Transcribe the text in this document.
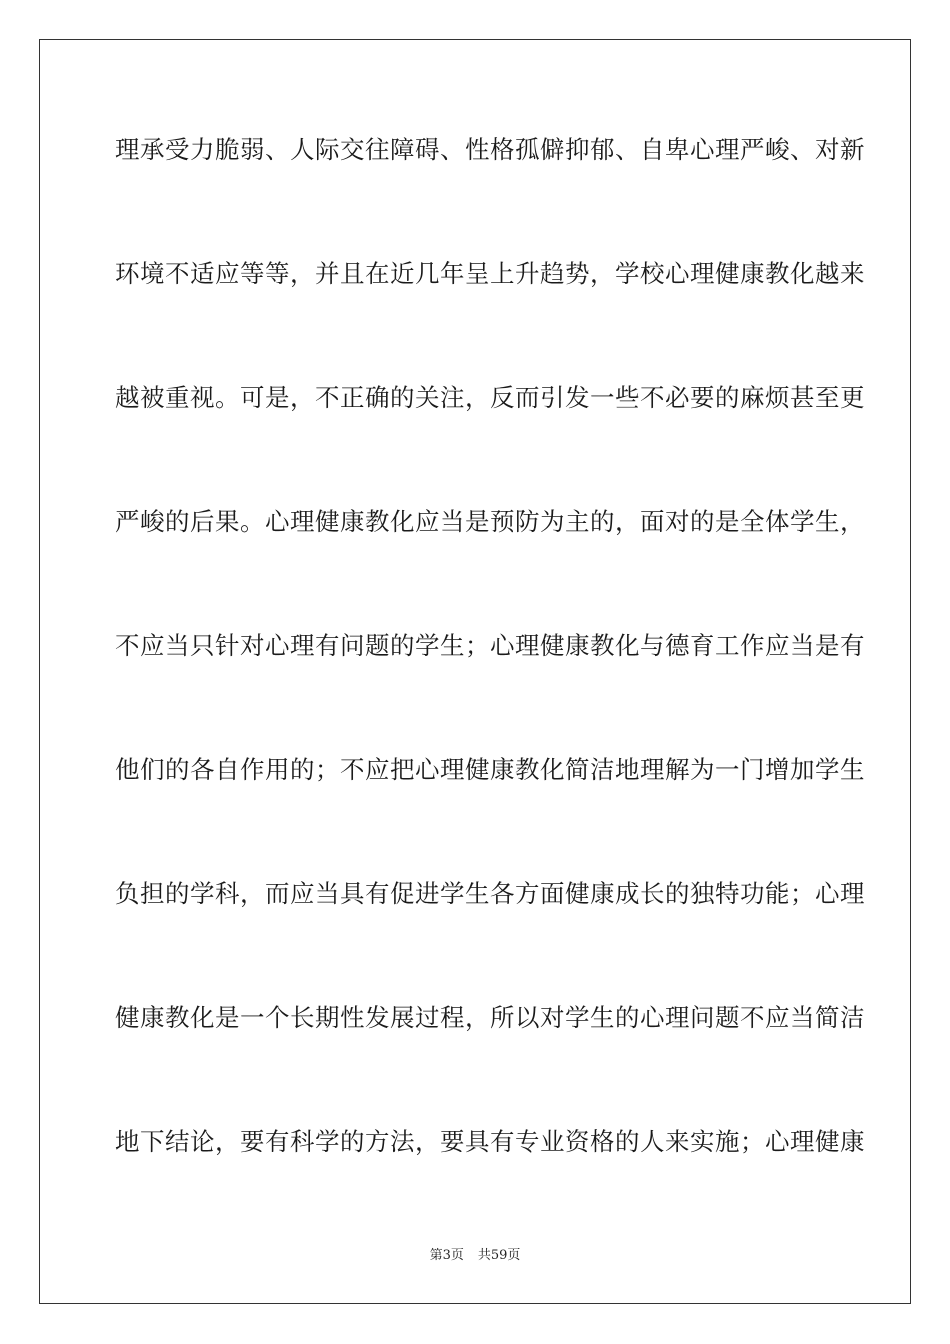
理承受力脆弱、人际交往障碍、性格孤僻抑郁、自卑心理严峻、对新
环境不适应等等，并且在近几年呈上升趋势，学校心理健康教化越来
越被重视。可是，不正确的关注，反而引发一些不必要的麻烦甚至更
严峻的后果。心理健康教化应当是预防为主的，面对的是全体学生，
不应当只针对心理有问题的学生；心理健康教化与德育工作应当是有
他们的各自作用的；不应把心理健康教化简洁地理解为一门增加学生
负担的学科，而应当具有促进学生各方面健康成长的独特功能；心理
健康教化是一个长期性发展过程，所以对学生的心理问题不应当简洁
地下结论，要有科学的方法，要具有专业资格的人来实施；心理健康
第3页 共59页
